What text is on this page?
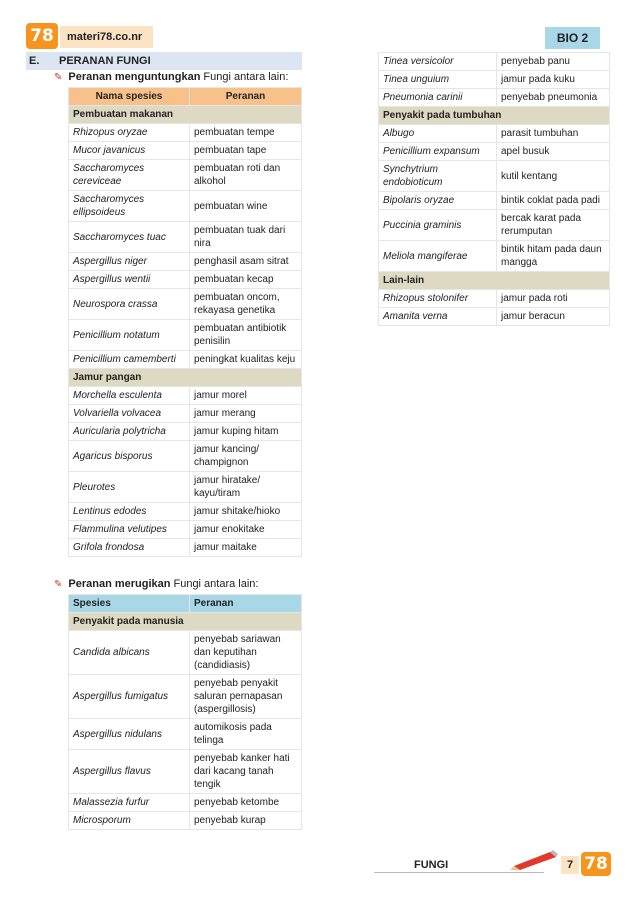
78	materi78.co.nr	BIO 2
E.	PERANAN FUNGI
✎ Peranan menguntungkan Fungi antara lain:
Nama spesies	Peranan
Pembuatan makanan	
Rhizopus oryzae	pembuatan tempe
Mucor javanicus	pembuatan tape
Saccharomyces cereviceae	pembuatan roti dan alkohol
Saccharomyces ellipsoideus	pembuatan wine
Saccharomyces tuac	pembuatan tuak dari nira
Aspergillus niger	penghasil asam sitrat
Aspergillus wentii	pembuatan kecap
Neurospora crassa	pembuatan oncom, rekayasa genetika
Penicillium notatum	pembuatan antibiotik penisilin
Penicillium camemberti	peningkat kualitas keju
Jamur pangan	
Morchella esculenta	jamur morel
Volvariella volvacea	jamur merang
Auricularia polytricha	jamur kuping hitam
Agaricus bisporus	jamur kancing/ champignon
Pleurotes	jamur hiratake/ kayu/tiram
Lentinus edodes	jamur shitake/hioko
Flammulina velutipes	jamur enokitake
Grifola frondosa	jamur maitake
✎ Peranan merugikan Fungi antara lain:
Spesies	Peranan
Penyakit pada manusia	
Candida albicans	penyebab sariawan dan keputihan (candidiasis)
Aspergillus fumigatus	penyebab penyakit saluran pernapasan (aspergillosis)
Aspergillus nidulans	automikosis pada telinga
Aspergillus flavus	penyebab kanker hati dari kacang tanah tengik
Malassezia furfur	penyebab ketombe
Microsporum	penyebab kurap
Tinea versicolor	penyebab panu
Tinea unguium	jamur pada kuku
Pneumonia carinii	penyebab pneumonia
Penyakit pada tumbuhan	
Albugo	parasit tumbuhan
Penicillium expansum	apel busuk
Synchytrium endobioticum	kutil kentang
Bipolaris oryzae	bintik coklat pada padi
Puccinia graminis	bercak karat pada rerumputan
Meliola mangiferae	bintik hitam pada daun mangga
Lain-lain	
Rhizopus stolonifer	jamur pada roti
Amanita verna	jamur beracun
FUNGI	7 78
